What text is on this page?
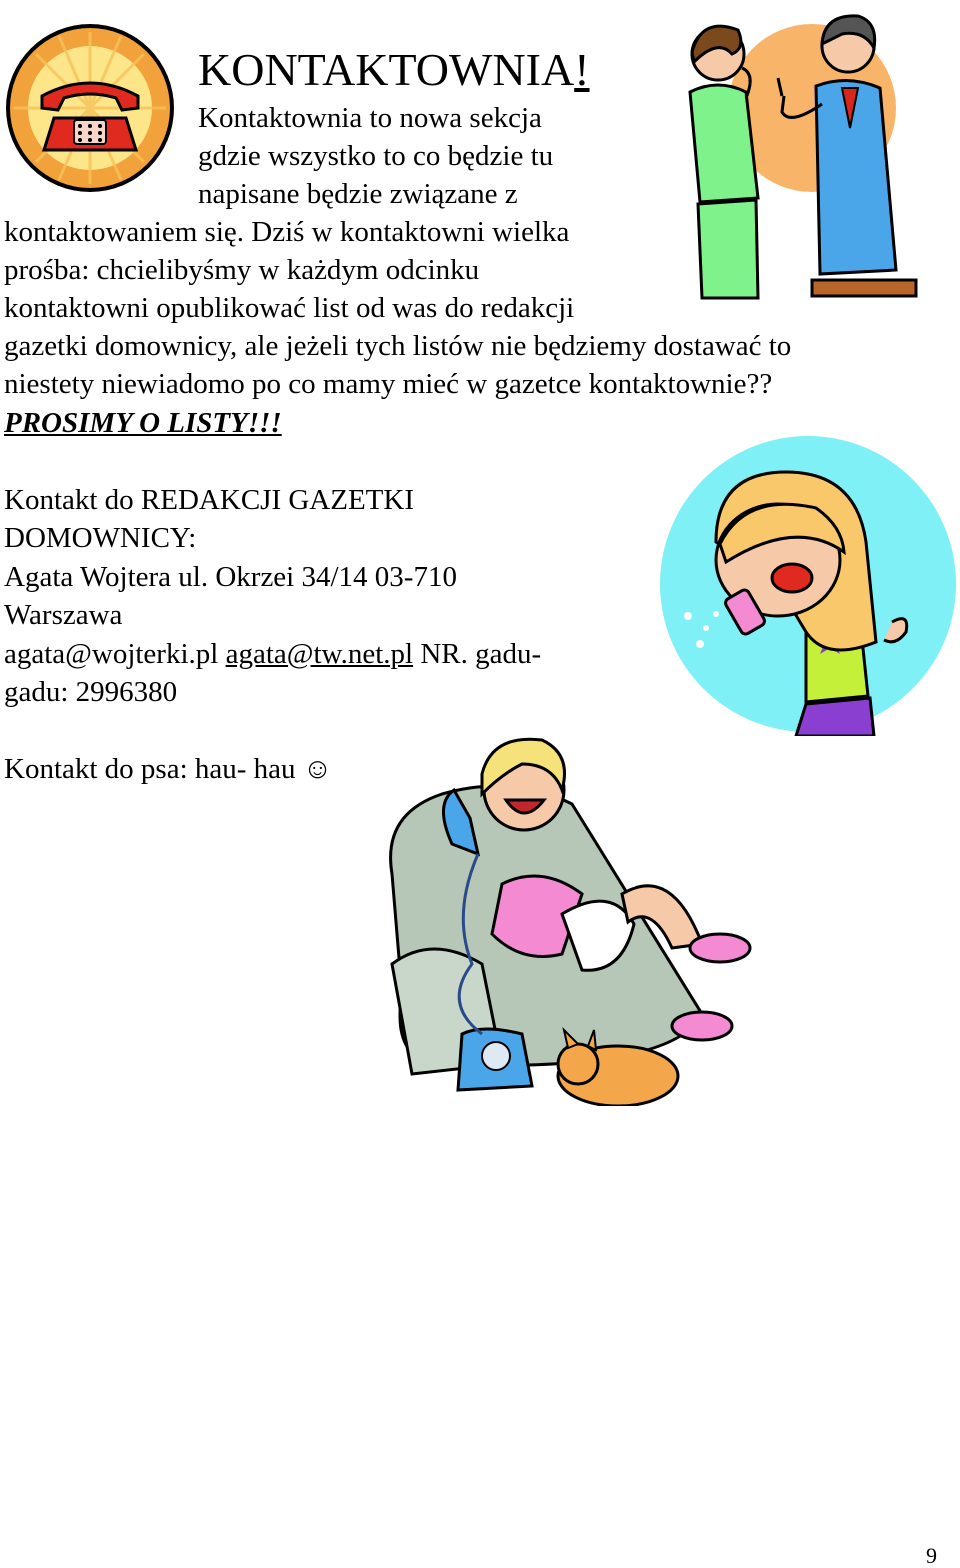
KONTAKTOWNIA!
Kontaktownia to nowa sekcja
gdzie wszystko to co będzie tu
napisane będzie związane z
kontaktowaniem się. Dziś w kontaktowni wielka
prośba: chcielibyśmy w każdym odcinku
kontaktowni opublikować list od was do redakcji
gazetki domownicy, ale jeżeli tych listów nie będziemy dostawać to
niestety niewiadomo po co mamy mieć w gazetce kontaktownie??
PROSIMY O LISTY!!!
Kontakt do REDAKCJI GAZETKI
DOMOWNICY:
Agata Wojtera ul. Okrzei 34/14 03-710
Warszawa
agata@wojterki.pl agata@tw.net.pl NR. gadu-
gadu: 2996380
Kontakt do psa: hau- hau ☺
9
